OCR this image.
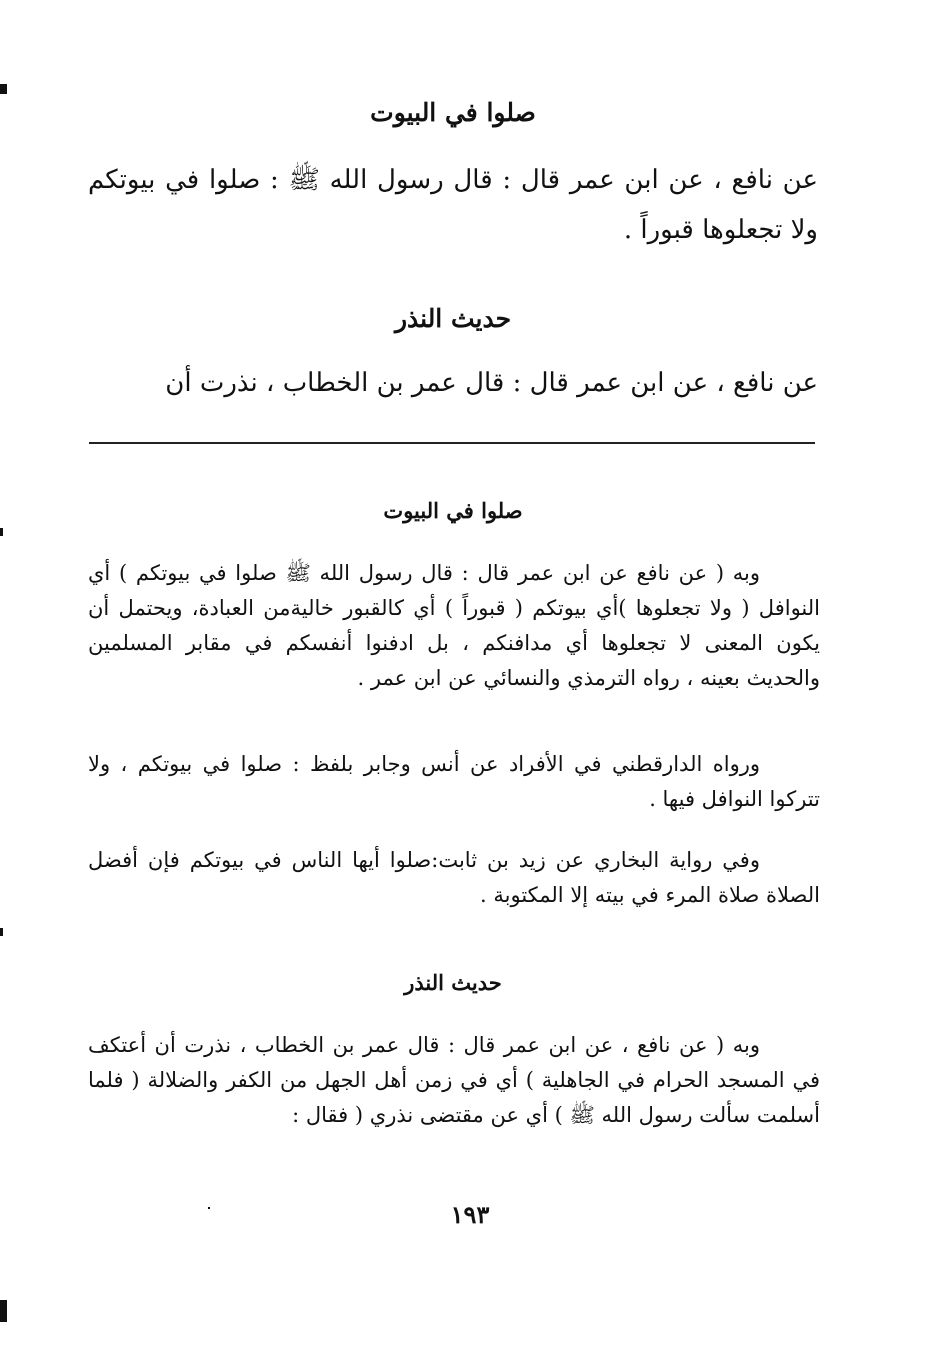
صلوا في البيوت

عن نافع ، عن ابن عمر قال : قال رسول الله ﷺ : صلوا في بيوتكم ولا تجعلوها قبوراً .

حديث النذر

عن نافع ، عن ابن عمر قال : قال عمر بن الخطاب ، نذرت أن

صلوا في البيوت

وبه ( عن نافع عن ابن عمر قال : قال رسول الله ﷺ صلوا في بيوتكم ) أي النوافل ( ولا تجعلوها )أي بيوتكم ( قبوراً ) أي كالقبور خاليةمن العبادة، ويحتمل أن يكون المعنى لا تجعلوها أي مدافنكم ، بل ادفنوا أنفسكم في مقابر المسلمين والحديث بعينه ، رواه الترمذي والنسائي عن ابن عمر .

ورواه الدارقطني في الأفراد عن أنس وجابر بلفظ : صلوا في بيوتكم ، ولا تتركوا النوافل فيها .

وفي رواية البخاري عن زيد بن ثابت:صلوا أيها الناس في بيوتكم فإن أفضل الصلاة صلاة المرء في بيته إلا المكتوبة .

حديث النذر

وبه ( عن نافع ، عن ابن عمر قال : قال عمر بن الخطاب ، نذرت أن أعتكف في المسجد الحرام في الجاهلية ) أي في زمن أهل الجهل من الكفر والضلالة ( فلما أسلمت سألت رسول الله ﷺ ) أي عن مقتضى نذري ( فقال :

١٩٣
